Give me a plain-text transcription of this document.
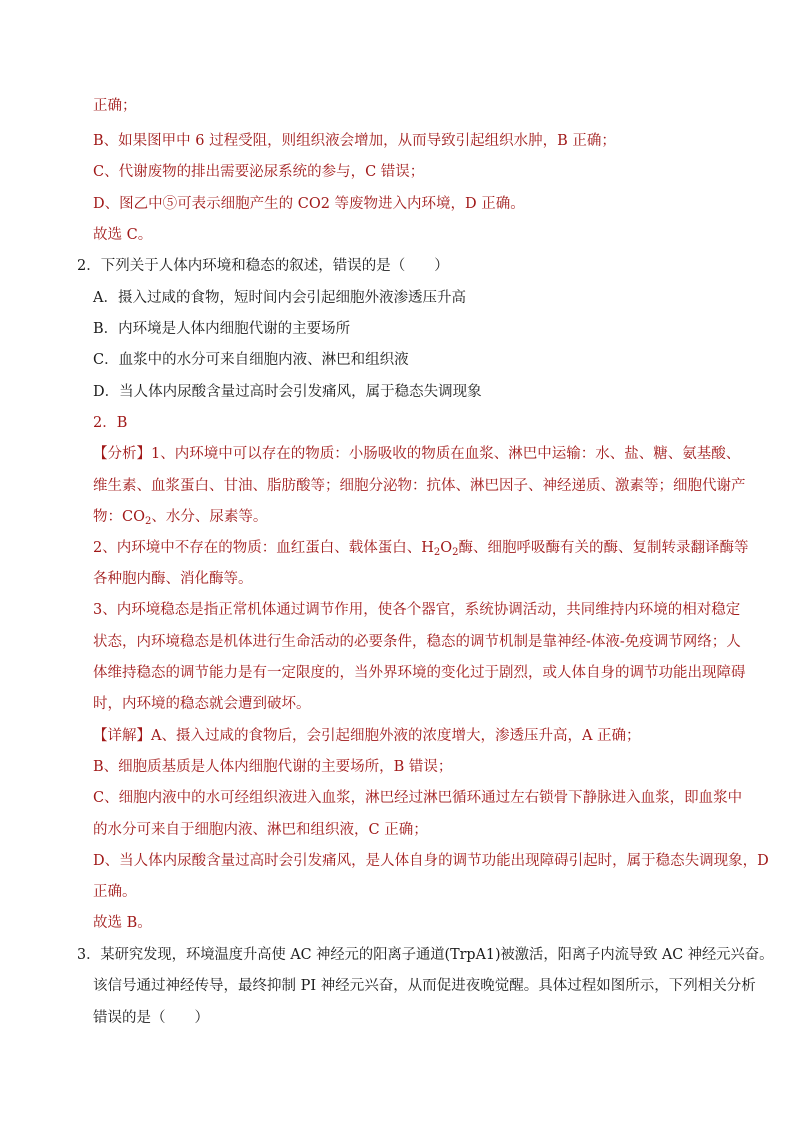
正确；
B、如果图甲中 6 过程受阻，则组织液会增加，从而导致引起组织水肿，B 正确；
C、代谢废物的排出需要泌尿系统的参与，C 错误；
D、图乙中⑤可表示细胞产生的 CO2 等废物进入内环境，D 正确。
故选 C。
2．下列关于人体内环境和稳态的叙述，错误的是（　　）
A．摄入过咸的食物，短时间内会引起细胞外液渗透压升高
B．内环境是人体内细胞代谢的主要场所
C．血浆中的水分可来自细胞内液、淋巴和组织液
D．当人体内尿酸含量过高时会引发痛风，属于稳态失调现象
2．B
【分析】1、内环境中可以存在的物质：小肠吸收的物质在血浆、淋巴中运输：水、盐、糖、氨基酸、
维生素、血浆蛋白、甘油、脂肪酸等；细胞分泌物：抗体、淋巴因子、神经递质、激素等；细胞代谢产
物：$CO_2$、水分、尿素等。
2、内环境中不存在的物质：血红蛋白、载体蛋白、$H_2O_2$酶、细胞呼吸酶有关的酶、复制转录翻译酶等
各种胞内酶、消化酶等。
3、内环境稳态是指正常机体通过调节作用，使各个器官，系统协调活动，共同维持内环境的相对稳定
状态，内环境稳态是机体进行生命活动的必要条件，稳态的调节机制是靠神经-体液-免疫调节网络；人
体维持稳态的调节能力是有一定限度的，当外界环境的变化过于剧烈，或人体自身的调节功能出现障碍
时，内环境的稳态就会遭到破坏。
【详解】A、摄入过咸的食物后，会引起细胞外液的浓度增大，渗透压升高，A 正确；
B、细胞质基质是人体内细胞代谢的主要场所，B 错误；
C、细胞内液中的水可经组织液进入血浆，淋巴经过淋巴循环通过左右锁骨下静脉进入血浆，即血浆中
的水分可来自于细胞内液、淋巴和组织液，C 正确；
D、当人体内尿酸含量过高时会引发痛风，是人体自身的调节功能出现障碍引起时，属于稳态失调现象，D
正确。
故选 B。
3．某研究发现，环境温度升高使 AC 神经元的阳离子通道(TrpA1)被激活，阳离子内流导致 AC 神经元兴奋。
该信号通过神经传导，最终抑制 PI 神经元兴奋，从而促进夜晚觉醒。具体过程如图所示，下列相关分析
错误的是（　　）
